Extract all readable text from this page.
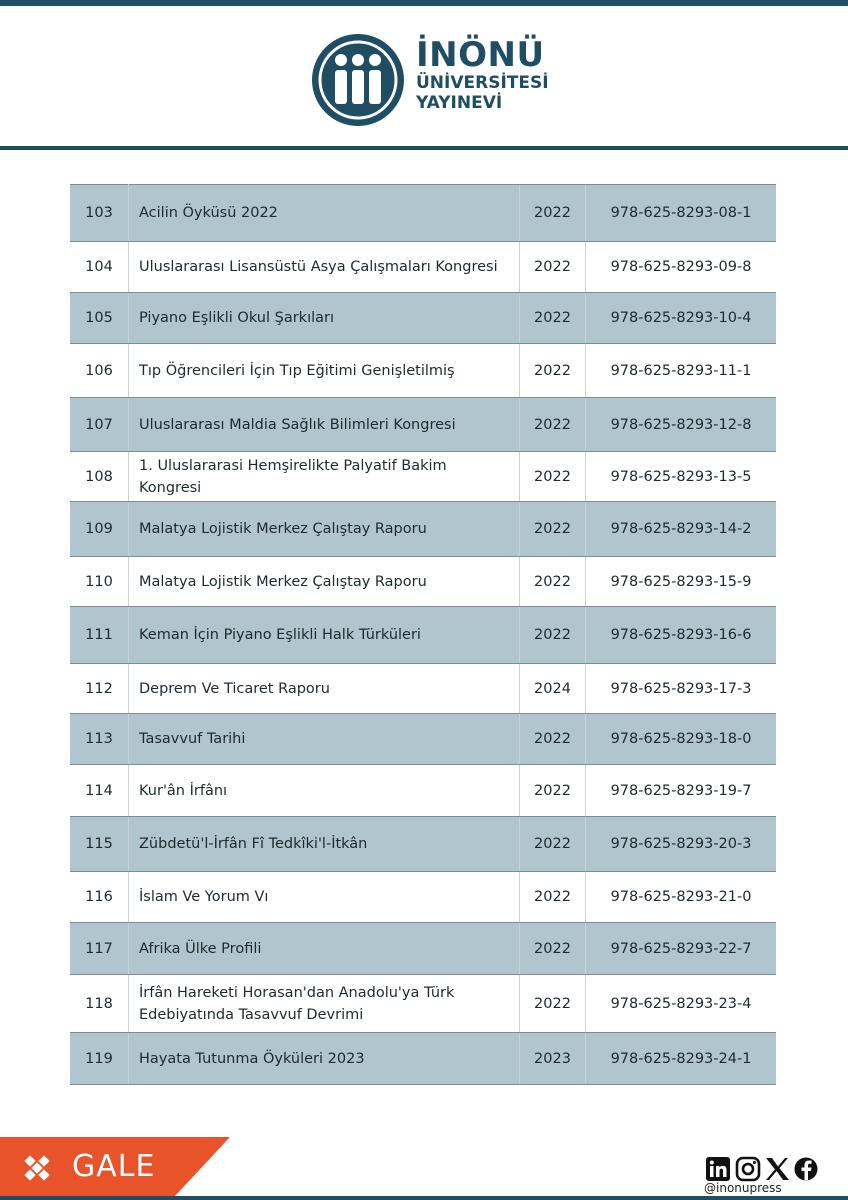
İNÖNÜ
ÜNİVERSİTESİ
YAYINEVİ
103	Acilin Öyküsü 2022	2022	978-625-8293-08-1
104	Uluslararası Lisansüstü Asya Çalışmaları Kongresi	2022	978-625-8293-09-8
105	Piyano Eşlikli Okul Şarkıları	2022	978-625-8293-10-4
106	Tıp Öğrencileri İçin Tıp Eğitimi Genişletilmiş	2022	978-625-8293-11-1
107	Uluslararası Maldia Sağlık Bilimleri Kongresi	2022	978-625-8293-12-8
108	1. Uluslararasi Hemşirelikte Palyatif Bakim Kongresi	2022	978-625-8293-13-5
109	Malatya Lojistik Merkez Çalıştay Raporu	2022	978-625-8293-14-2
110	Malatya Lojistik Merkez Çalıştay Raporu	2022	978-625-8293-15-9
111	Keman İçin Piyano Eşlikli Halk Türküleri	2022	978-625-8293-16-6
112	Deprem Ve Ticaret Raporu	2024	978-625-8293-17-3
113	Tasavvuf Tarihi	2022	978-625-8293-18-0
114	Kur'ân İrfânı	2022	978-625-8293-19-7
115	Zübdetü'l-İrfân Fî Tedkîki'l-İtkân	2022	978-625-8293-20-3
116	İslam Ve Yorum Vı	2022	978-625-8293-21-0
117	Afrika Ülke Profili	2022	978-625-8293-22-7
118	İrfân Hareketi Horasan'dan Anadolu'ya Türk Edebiyatında Tasavvuf Devrimi	2022	978-625-8293-23-4
119	Hayata Tutunma Öyküleri 2023	2023	978-625-8293-24-1
GALE
@inonupress
